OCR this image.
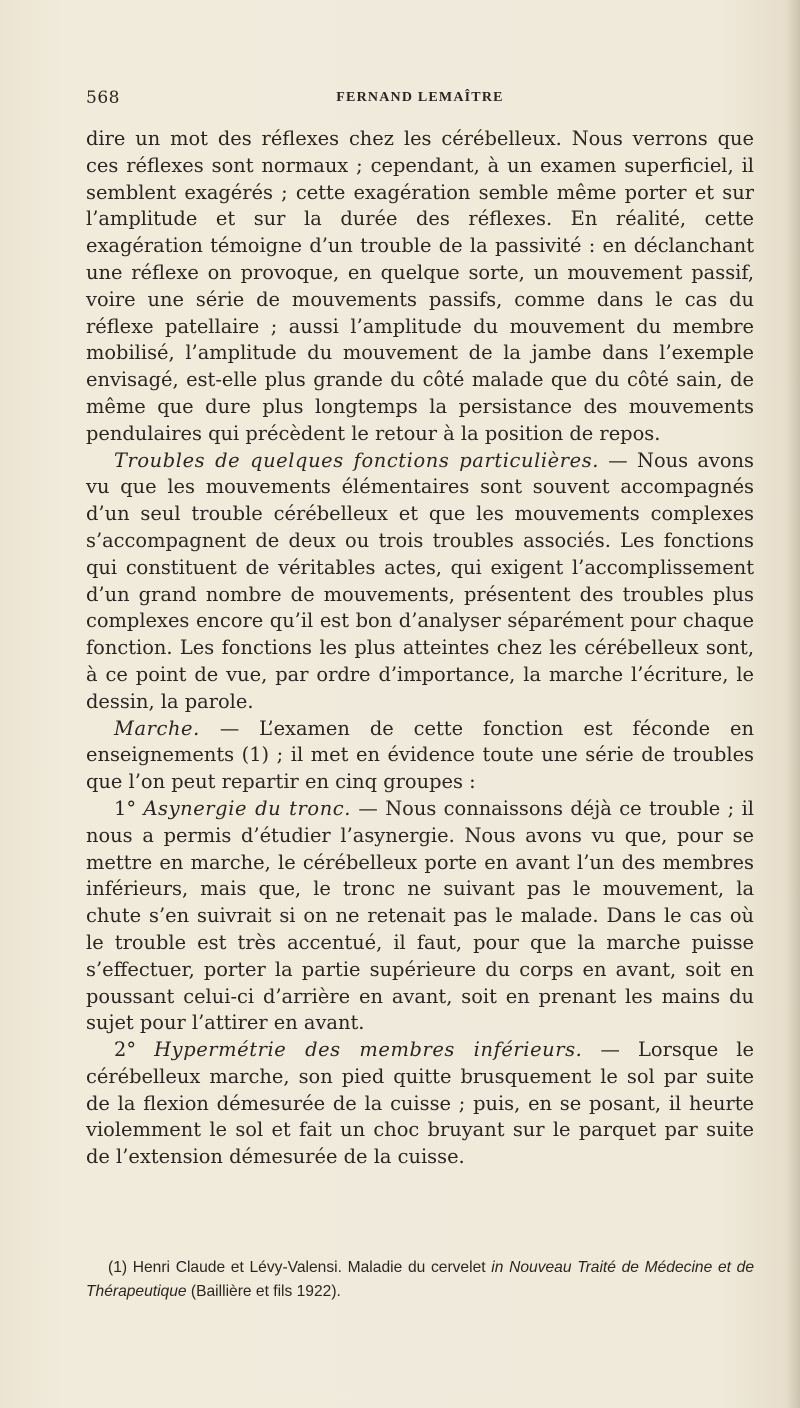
568	FERNAND LEMAÎTRE

dire un mot des réflexes chez les cérébelleux. Nous verrons que ces réflexes sont normaux ; cependant, à un examen superficiel, il semblent exagérés ; cette exagération semble même porter et sur l’amplitude et sur la durée des réflexes. En réalité, cette exagération témoigne d’un trouble de la passivité : en déclanchant une réflexe on provoque, en quelque sorte, un mouvement passif, voire une série de mouvements passifs, comme dans le cas du réflexe patellaire ; aussi l’amplitude du mouvement du membre mobilisé, l’amplitude du mouvement de la jambe dans l’exemple envisagé, est-elle plus grande du côté malade que du côté sain, de même que dure plus longtemps la persistance des mouvements pendulaires qui précèdent le retour à la position de repos.

Troubles de quelques fonctions particulières. — Nous avons vu que les mouvements élémentaires sont souvent accompagnés d’un seul trouble cérébelleux et que les mouvements complexes s’accompagnent de deux ou trois troubles associés. Les fonctions qui constituent de véritables actes, qui exigent l’accomplissement d’un grand nombre de mouvements, présentent des troubles plus complexes encore qu’il est bon d’analyser séparément pour chaque fonction. Les fonctions les plus atteintes chez les cérébelleux sont, à ce point de vue, par ordre d’importance, la marche l’écriture, le dessin, la parole.

Marche. — L’examen de cette fonction est féconde en enseignements (1) ; il met en évidence toute une série de troubles que l’on peut repartir en cinq groupes :

1° Asynergie du tronc. — Nous connaissons déjà ce trouble ; il nous a permis d’étudier l’asynergie. Nous avons vu que, pour se mettre en marche, le cérébelleux porte en avant l’un des membres inférieurs, mais que, le tronc ne suivant pas le mouvement, la chute s’en suivrait si on ne retenait pas le malade. Dans le cas où le trouble est très accentué, il faut, pour que la marche puisse s’effectuer, porter la partie supérieure du corps en avant, soit en poussant celui-ci d’arrière en avant, soit en prenant les mains du sujet pour l’attirer en avant.

2° Hypermétrie des membres inférieurs. — Lorsque le cérébelleux marche, son pied quitte brusquement le sol par suite de la flexion démesurée de la cuisse ; puis, en se posant, il heurte violemment le sol et fait un choc bruyant sur le parquet par suite de l’extension démesurée de la cuisse.

(1) Henri Claude et Lévy-Valensi. Maladie du cervelet in Nouveau Traité de Médecine et de Thérapeutique (Baillière et fils 1922).
